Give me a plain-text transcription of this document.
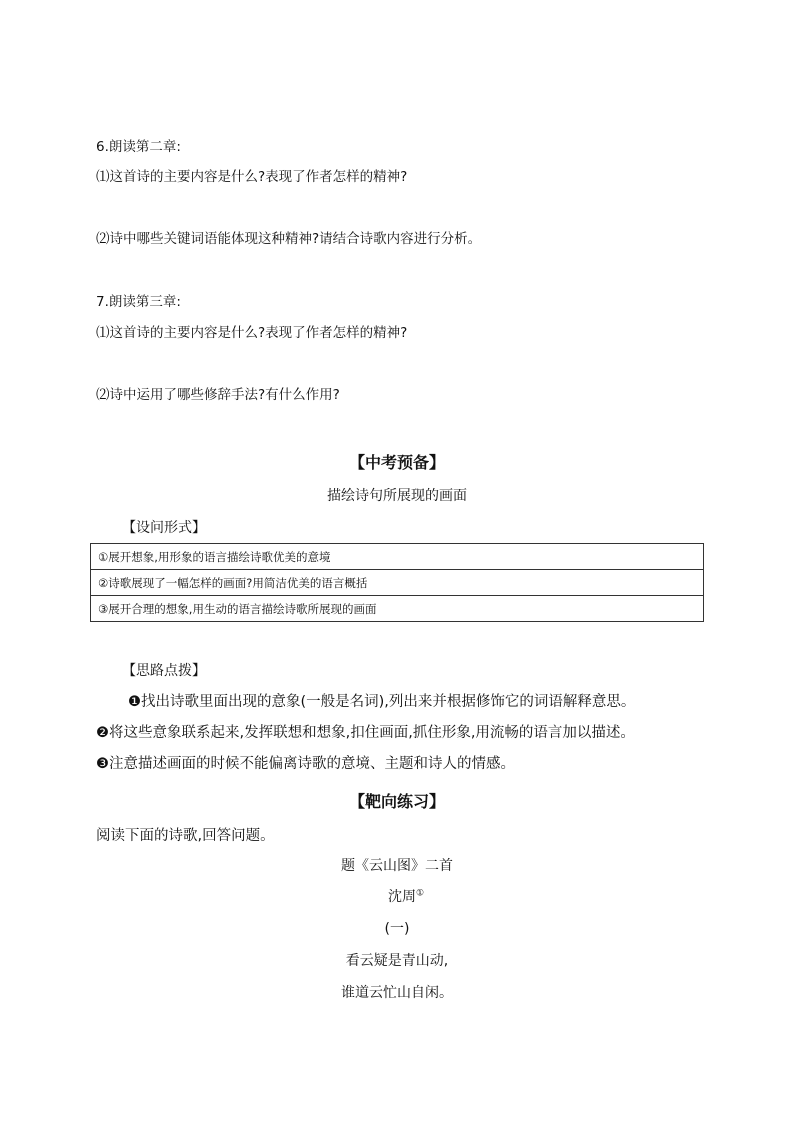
6.朗读第二章:
⑴这首诗的主要内容是什么?表现了作者怎样的精神?
⑵诗中哪些关键词语能体现这种精神?请结合诗歌内容进行分析。
7.朗读第三章:
⑴这首诗的主要内容是什么?表现了作者怎样的精神?
⑵诗中运用了哪些修辞手法?有什么作用?
【中考预备】
描绘诗句所展现的画面
【设问形式】
①展开想象,用形象的语言描绘诗歌优美的意境
②诗歌展现了一幅怎样的画面?用简洁优美的语言概括
③展开合理的想象,用生动的语言描绘诗歌所展现的画面
【思路点拨】
❶找出诗歌里面出现的意象(一般是名词),列出来并根据修饰它的词语解释意思。
❷将这些意象联系起来,发挥联想和想象,扣住画面,抓住形象,用流畅的语言加以描述。
❸注意描述画面的时候不能偏离诗歌的意境、主题和诗人的情感。
【靶向练习】
阅读下面的诗歌,回答问题。
题《云山图》二首
沈周①
(一)
看云疑是青山动,
谁道云忙山自闲。
